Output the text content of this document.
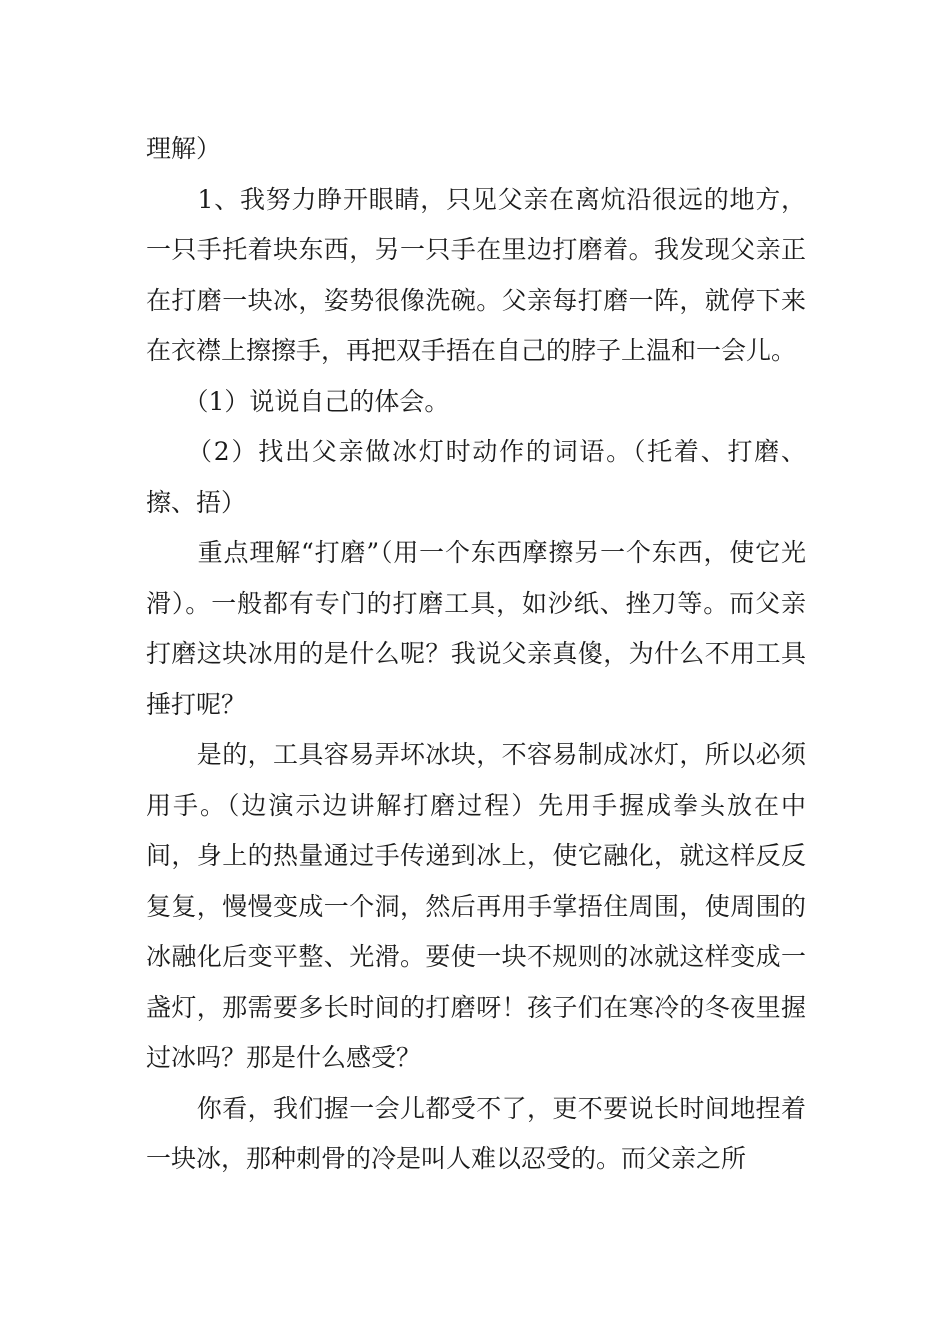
理解）

　　1、我努力睁开眼睛，只见父亲在离炕沿很远的地方，一只手托着块东西，另一只手在里边打磨着。我发现父亲正在打磨一块冰，姿势很像洗碗。父亲每打磨一阵，就停下来在衣襟上擦擦手，再把双手捂在自己的脖子上温和一会儿。

　　（1）说说自己的体会。

　　（2）找出父亲做冰灯时动作的词语。（托着、打磨、擦、捂）

　　重点理解“打磨”（用一个东西摩擦另一个东西，使它光滑）。一般都有专门的打磨工具，如沙纸、挫刀等。而父亲打磨这块冰用的是什么呢？我说父亲真傻，为什么不用工具捶打呢？

　　是的，工具容易弄坏冰块，不容易制成冰灯，所以必须用手。（边演示边讲解打磨过程）先用手握成拳头放在中间，身上的热量通过手传递到冰上，使它融化，就这样反反复复，慢慢变成一个洞，然后再用手掌捂住周围，使周围的冰融化后变平整、光滑。要使一块不规则的冰就这样变成一盏灯，那需要多长时间的打磨呀！孩子们在寒冷的冬夜里握过冰吗？那是什么感受？

　　你看，我们握一会儿都受不了，更不要说长时间地捏着一块冰，那种刺骨的冷是叫人难以忍受的。而父亲之所
